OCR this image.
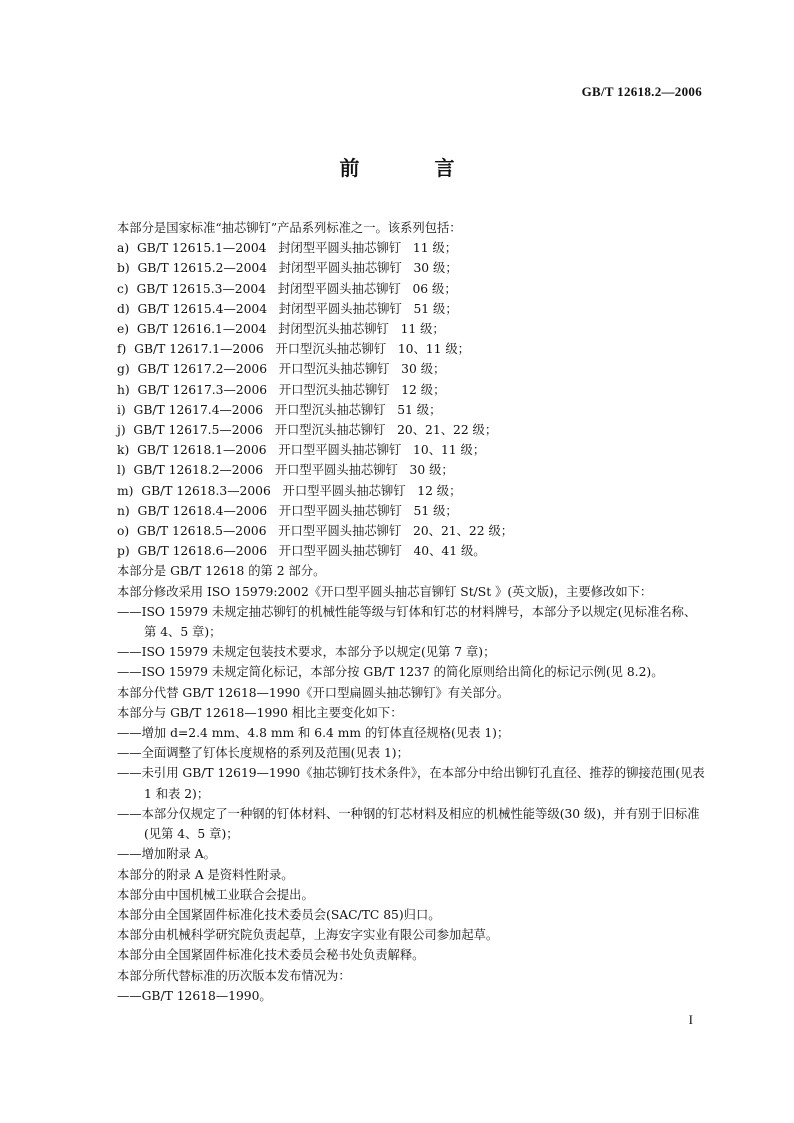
GB/T 12618.2—2006
前 言
本部分是国家标准“抽芯铆钉”产品系列标准之一。该系列包括：
a)  GB/T 12615.1—2004   封闭型平圆头抽芯铆钉   11 级；
b)  GB/T 12615.2—2004   封闭型平圆头抽芯铆钉   30 级；
c)  GB/T 12615.3—2004   封闭型平圆头抽芯铆钉   06 级；
d)  GB/T 12615.4—2004   封闭型平圆头抽芯铆钉   51 级；
e)  GB/T 12616.1—2004   封闭型沉头抽芯铆钉   11 级；
f)  GB/T 12617.1—2006   开口型沉头抽芯铆钉   10、11 级；
g)  GB/T 12617.2—2006   开口型沉头抽芯铆钉   30 级；
h)  GB/T 12617.3—2006   开口型沉头抽芯铆钉   12 级；
i)  GB/T 12617.4—2006   开口型沉头抽芯铆钉   51 级；
j)  GB/T 12617.5—2006   开口型沉头抽芯铆钉   20、21、22 级；
k)  GB/T 12618.1—2006   开口型平圆头抽芯铆钉   10、11 级；
l)  GB/T 12618.2—2006   开口型平圆头抽芯铆钉   30 级；
m)  GB/T 12618.3—2006   开口型平圆头抽芯铆钉   12 级；
n)  GB/T 12618.4—2006   开口型平圆头抽芯铆钉   51 级；
o)  GB/T 12618.5—2006   开口型平圆头抽芯铆钉   20、21、22 级；
p)  GB/T 12618.6—2006   开口型平圆头抽芯铆钉   40、41 级。
本部分是 GB/T 12618 的第 2 部分。
本部分修改采用 ISO 15979:2002《开口型平圆头抽芯盲铆钉 St/St 》(英文版)，主要修改如下：
——ISO 15979 未规定抽芯铆钉的机械性能等级与钉体和钉芯的材料牌号，本部分予以规定(见标准名称、第 4、5 章)；
——ISO 15979 未规定包装技术要求，本部分予以规定(见第 7 章)；
——ISO 15979 未规定简化标记，本部分按 GB/T 1237 的简化原则给出简化的标记示例(见 8.2)。
本部分代替 GB/T 12618—1990《开口型扁圆头抽芯铆钉》有关部分。
本部分与 GB/T 12618—1990 相比主要变化如下：
——增加 d=2.4 mm、4.8 mm 和 6.4 mm 的钉体直径规格(见表 1)；
——全面调整了钉体长度规格的系列及范围(见表 1)；
——未引用 GB/T 12619—1990《抽芯铆钉技术条件》，在本部分中给出铆钉孔直径、推荐的铆接范围(见表 1 和表 2)；
——本部分仅规定了一种钢的钉体材料、一种钢的钉芯材料及相应的机械性能等级(30 级)，并有别于旧标准(见第 4、5 章)；
——增加附录 A。
本部分的附录 A 是资料性附录。
本部分由中国机械工业联合会提出。
本部分由全国紧固件标准化技术委员会(SAC/TC 85)归口。
本部分由机械科学研究院负责起草，上海安字实业有限公司参加起草。
本部分由全国紧固件标准化技术委员会秘书处负责解释。
本部分所代替标准的历次版本发布情况为：
——GB/T 12618—1990。
I
